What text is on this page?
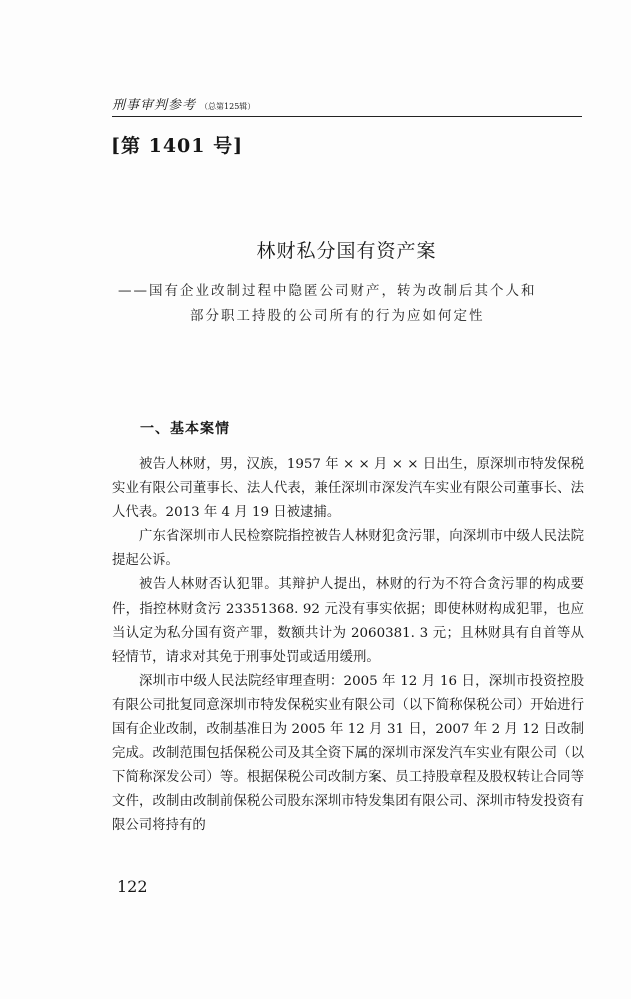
刑事审判参考 （总第125辑）
[第 1401 号]
林财私分国有资产案
——国有企业改制过程中隐匿公司财产，转为改制后其个人和
部分职工持股的公司所有的行为应如何定性
一、基本案情

被告人林财，男，汉族，1957 年 × × 月 × × 日出生，原深圳市特发保税实业有限公司董事长、法人代表，兼任深圳市深发汽车实业有限公司董事长、法人代表。2013 年 4 月 19 日被逮捕。

广东省深圳市人民检察院指控被告人林财犯贪污罪，向深圳市中级人民法院提起公诉。

被告人林财否认犯罪。其辩护人提出，林财的行为不符合贪污罪的构成要件，指控林财贪污 23351368. 92 元没有事实依据；即使林财构成犯罪，也应当认定为私分国有资产罪，数额共计为 2060381. 3 元；且林财具有自首等从轻情节，请求对其免于刑事处罚或适用缓刑。

深圳市中级人民法院经审理查明：2005 年 12 月 16 日，深圳市投资控股有限公司批复同意深圳市特发保税实业有限公司（以下简称保税公司）开始进行国有企业改制，改制基准日为 2005 年 12 月 31 日，2007 年 2 月 12 日改制完成。改制范围包括保税公司及其全资下属的深圳市深发汽车实业有限公司（以下简称深发公司）等。根据保税公司改制方案、员工持股章程及股权转让合同等文件，改制由改制前保税公司股东深圳市特发集团有限公司、深圳市特发投资有限公司将持有的

122
